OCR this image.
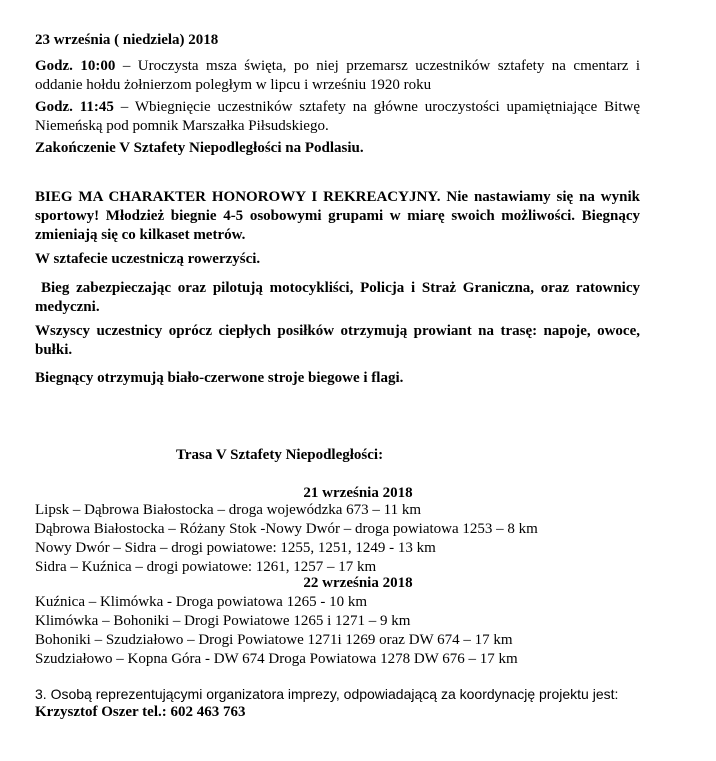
23 września ( niedziela) 2018

Godz. 10:00 – Uroczysta msza święta, po niej przemarsz uczestników sztafety na cmentarz i oddanie hołdu żołnierzom poległym w lipcu i wrześniu 1920 roku

Godz. 11:45 – Wbiegnięcie uczestników sztafety na główne uroczystości upamiętniające Bitwę Niemeńską pod pomnik Marszałka Piłsudskiego.

Zakończenie V Sztafety Niepodległości na Podlasiu.

BIEG MA CHARAKTER HONOROWY I REKREACYJNY. Nie nastawiamy się na wynik sportowy! Młodzież biegnie 4-5 osobowymi grupami w miarę swoich możliwości. Biegnący zmieniają się co kilkaset metrów.

W sztafecie uczestniczą rowerzyści.

Bieg zabezpieczając oraz pilotują motocykliści, Policja i Straż Graniczna, oraz ratownicy medyczni.

Wszyscy uczestnicy oprócz ciepłych posiłków otrzymują prowiant na trasę: napoje, owoce, bułki.

Biegnący otrzymują biało-czerwone stroje biegowe i flagi.

Trasa V Sztafety Niepodległości:

21 września 2018

Lipsk – Dąbrowa Białostocka – droga wojewódzka 673 – 11 km
Dąbrowa Białostocka – Różany Stok -Nowy Dwór – droga powiatowa 1253 – 8 km
Nowy Dwór – Sidra – drogi powiatowe: 1255, 1251, 1249 - 13 km
Sidra – Kuźnica – drogi powiatowe: 1261, 1257 – 17 km

22 września 2018

Kuźnica – Klimówka - Droga powiatowa 1265 - 10 km
Klimówka – Bohoniki – Drogi Powiatowe 1265 i 1271 – 9 km
Bohoniki – Szudziałowo – Drogi Powiatowe 1271i 1269 oraz DW 674 – 17 km
Szudziałowo – Kopna Góra - DW 674 Droga Powiatowa 1278 DW 676 – 17 km

3. Osobą reprezentującymi organizatora imprezy, odpowiadającą za koordynację projektu jest:

Krzysztof Oszer tel.: 602 463 763
